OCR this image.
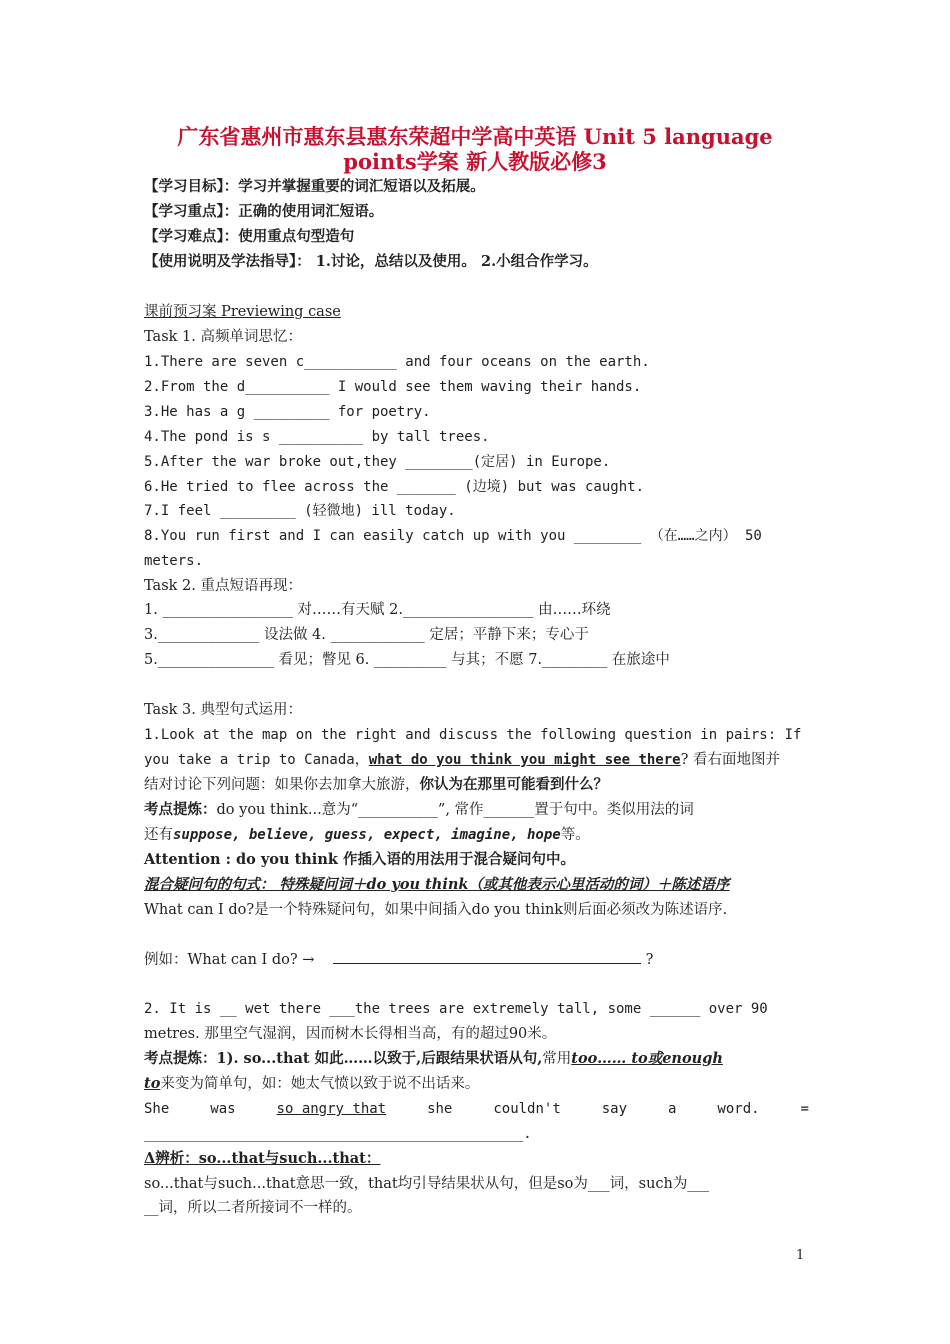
广东省惠州市惠东县惠东荣超中学高中英语 Unit 5 language
points学案 新人教版必修3
【学习目标】：学习并掌握重要的词汇短语以及拓展。
【学习重点】：正确的使用词汇短语。
【学习难点】：使用重点句型造句
【使用说明及学法指导】： 1.讨论，总结以及使用。 2.小组合作学习。
课前预习案 Previewing case
Task 1. 高频单词思忆：
1.There are seven c___________ and four oceans on the earth.
2.From the d__________ I would see them waving their hands.
3.He has a g _________ for poetry.
4.The pond is s __________ by tall trees.
5.After the war broke out,they ________(定居) in Europe.
6.He tried to flee across the _______ (边境) but was caught.
7.I feel _________ (轻微地) ill today.
8.You run first and I can easily catch up with you ________ （在……之内） 50
meters.
Task 2. 重点短语再现：
1. __________________ 对……有天赋 2.__________________ 由……环绕
3.______________ 设法做 4. _____________ 定居；平静下来；专心于
5.________________ 看见；瞥见 6. __________ 与其；不愿 7._________ 在旅途中
Task 3. 典型句式运用：
1.Look at the map on the right and discuss the following question in pairs: If
you take a trip to Canada，what do you think you might see there? 看右面地图并
结对讨论下列问题：如果你去加拿大旅游，你认为在那里可能看到什么？
考点提炼：do you think...意为“___________”, 常作_______置于句中。类似用法的词
还有suppose, believe, guess, expect, imagine, hope等。
Attention : do you think 作插入语的用法用于混合疑问句中。
混合疑问句的句式： 特殊疑问词＋do you think（或其他表示心里活动的词）＋陈述语序
What can I do?是一个特殊疑问句，如果中间插入do you think则后面必须改为陈述语序.
例如：What can I do? →	?
2. It is __ wet there ___the trees are extremely tall, some ______ over 90
metres. 那里空气湿润，因而树木长得相当高，有的超过90米。
考点提炼：1). so...that 如此……以致于,后跟结果状语从句,常用too…… to或enough
to来变为简单句，如：她太气愤以致于说不出话来。
She	was	so angry that	she	couldn't	say	a	word.	=
_____________________________________________.
Δ辨析：so...that与such...that：
so...that与such...that意思一致，that均引导结果状从句，但是so为___词，such为___
__词，所以二者所接词不一样的。
1
